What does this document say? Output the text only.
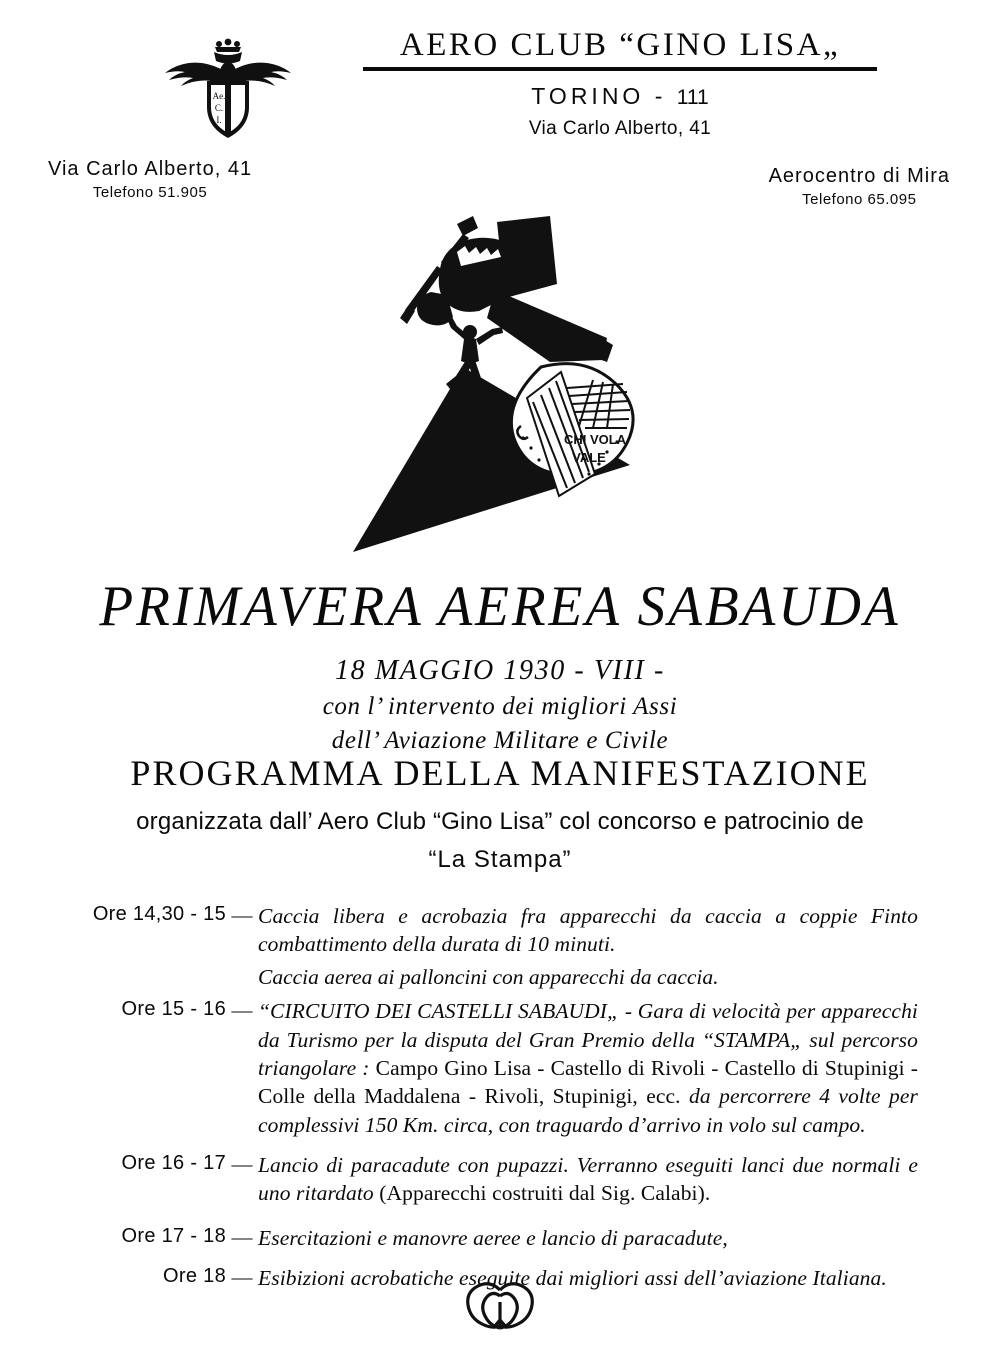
Ae.
C.
I.
AERO CLUB “GINO LISA„
TORINO - 111
Via Carlo Alberto, 41
Via Carlo Alberto, 41
Telefono 51.905
Aerocentro di Mira
Telefono 65.095
CHI VOLA
VALE
PRIMAVERA AEREA SABAUDA
18 MAGGIO 1930 - VIII -
con l’ intervento dei migliori Assi
dell’ Aviazione Militare e Civile
PROGRAMMA DELLA MANIFESTAZIONE
organizzata dall’ Aero Club “Gino Lisa” col concorso e patrocinio de
“La Stampa”
Ore 14,30 - 15 — Caccia libera e acrobazia fra apparecchi da caccia a coppie Finto combattimento della durata di 10 minuti.
Caccia aerea ai palloncini con apparecchi da caccia.
Ore 15 - 16 — “CIRCUITO DEI CASTELLI SABAUDI„ - Gara di velocità per apparecchi da Turismo per la disputa del Gran Premio della “STAMPA„ sul percorso triangolare : Campo Gino Lisa - Castello di Rivoli - Castello di Stupinigi - Colle della Maddalena - Rivoli, Stupinigi, ecc. da percorrere 4 volte per complessivi 150 Km. circa, con traguardo d’arrivo in volo sul campo.
Ore 16 - 17 — Lancio di paracadute con pupazzi. Verranno eseguiti lanci due normali e uno ritardato (Apparecchi costruiti dal Sig. Calabi).
Ore 17 - 18 — Esercitazioni e manovre aeree e lancio di paracadute,
Ore 18 — Esibizioni acrobatiche eseguite dai migliori assi dell’aviazione Italiana.
